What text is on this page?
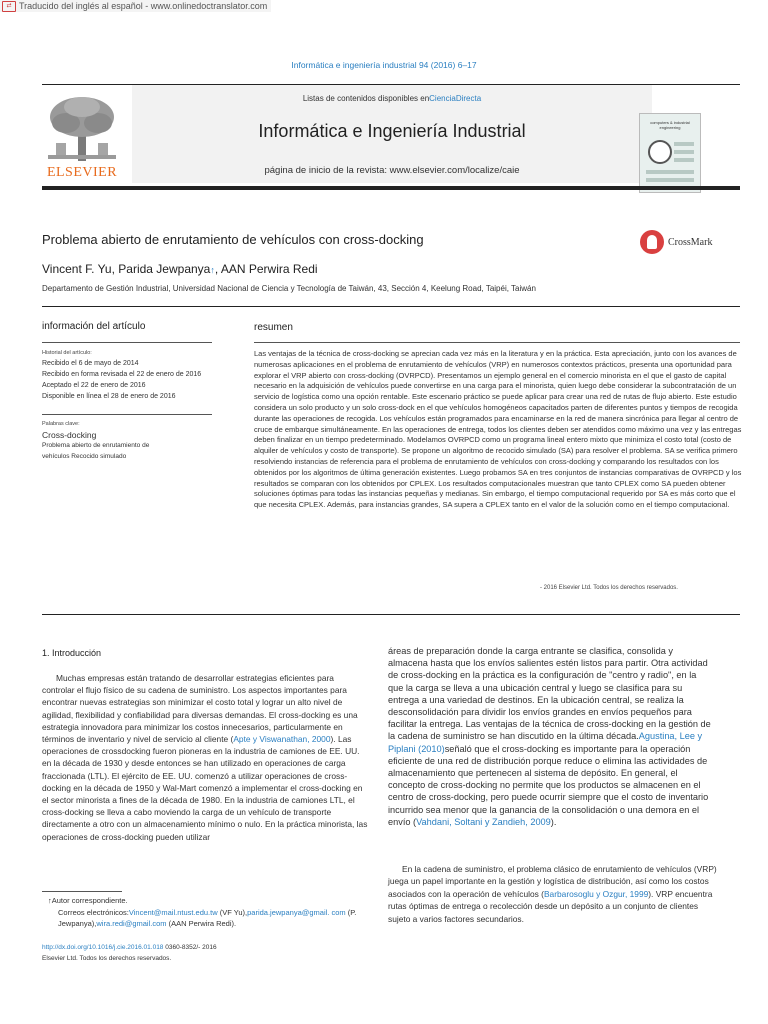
⇄ Traducido del inglés al español - www.onlinedoctranslator.com
Informática e ingeniería industrial 94 (2016) 6–17
ELSEVIER
Listas de contenidos disponibles enCienciaDirecta
Informática e Ingeniería Industrial
página de inicio de la revista: www.elsevier.com/localize/caie
computers & industrial engineering
Problema abierto de enrutamiento de vehículos con cross-docking	CrossMark
Vincent F. Yu, Parida Jewpanya↑, AAN Perwira Redi
Departamento de Gestión Industrial, Universidad Nacional de Ciencia y Tecnología de Taiwán, 43, Sección 4, Keelung Road, Taipéi, Taiwán
información del artículo
Historial del artículo:
Recibido el 6 de mayo de 2014
Recibido en forma revisada el 22 de enero de 2016
Aceptado el 22 de enero de 2016
Disponible en línea el 28 de enero de 2016
Palabras clave:
Cross-docking
Problema abierto de enrutamiento de
vehículos Recocido simulado
resumen
Las ventajas de la técnica de cross-docking se aprecian cada vez más en la literatura y en la práctica. Esta apreciación, junto con los avances de numerosas aplicaciones en el problema de enrutamiento de vehículos (VRP) en numerosos contextos prácticos, presenta una oportunidad para explorar el VRP abierto con cross-docking (OVRPCD). Presentamos un ejemplo general en el comercio minorista en el que el gasto de capital necesario en la adquisición de vehículos puede convertirse en una carga para el minorista, quien luego debe considerar la subcontratación de un servicio de logística como una opción rentable. Este escenario práctico se puede aplicar para crear una red de rutas de flujo abierto. Este estudio considera un solo producto y un solo cross-dock en el que vehículos homogéneos capacitados parten de diferentes puntos y tiempos de recogida durante las operaciones de recogida. Los vehículos están programados para encaminarse en la red de manera sincrónica para llegar al centro de cruce de embarque simultáneamente. En las operaciones de entrega, todos los clientes deben ser atendidos como máximo una vez y las entregas deben finalizar en un tiempo predeterminado. Modelamos OVRPCD como un programa lineal entero mixto que minimiza el costo total (costo de alquiler de vehículos y costo de transporte). Se propone un algoritmo de recocido simulado (SA) para resolver el problema. SA se verifica primero resolviendo instancias de referencia para el problema de enrutamiento de vehículos con cross-docking y comparando los resultados con los obtenidos por los algoritmos de última generación existentes. Luego probamos SA en tres conjuntos de instancias comparativas de OVRPCD y los resultados se comparan con los obtenidos por CPLEX. Los resultados computacionales muestran que tanto CPLEX como SA pueden obtener soluciones óptimas para todas las instancias pequeñas y medianas. Sin embargo, el tiempo computacional requerido por SA es más corto que el que necesita CPLEX. Además, para instancias grandes, SA supera a CPLEX tanto en el valor de la solución como en el tiempo computacional.
- 2016 Elsevier Ltd. Todos los derechos reservados.
1. Introducción
Muchas empresas están tratando de desarrollar estrategias eficientes para controlar el flujo físico de su cadena de suministro. Los aspectos importantes para encontrar nuevas estrategias son minimizar el costo total y lograr un alto nivel de agilidad, flexibilidad y confiabilidad para diversas demandas. El cross-docking es una estrategia innovadora para minimizar los costos innecesarios, particularmente en términos de inventario y nivel de servicio al cliente (Apte y Viswanathan, 2000). Las operaciones de crossdocking fueron pioneras en la industria de camiones de EE. UU. en la década de 1930 y desde entonces se han utilizado en operaciones de carga fraccionada (LTL). El ejército de EE. UU. comenzó a utilizar operaciones de cross-docking en la década de 1950 y Wal-Mart comenzó a implementar el cross-docking en el sector minorista a fines de la década de 1980. En la industria de camiones LTL, el cross-docking se lleva a cabo moviendo la carga de un vehículo de transporte directamente a otro con un almacenamiento mínimo o nulo. En la práctica minorista, las operaciones de cross-docking pueden utilizar
áreas de preparación donde la carga entrante se clasifica, consolida y almacena hasta que los envíos salientes estén listos para partir. Otra actividad de cross-docking en la práctica es la configuración de "centro y radio", en la que la carga se lleva a una ubicación central y luego se clasifica para su entrega a una variedad de destinos. En la ubicación central, se realiza la desconsolidación para dividir los envíos grandes en envíos pequeños para facilitar la entrega. Las ventajas de la técnica de cross-docking en la gestión de la cadena de suministro se han discutido en la última década.Agustina, Lee y Piplani (2010)señaló que el cross-docking es importante para la operación eficiente de una red de distribución porque reduce o elimina las actividades de almacenamiento que pertenecen al sistema de depósito. En general, el concepto de cross-docking no permite que los productos se almacenen en el centro de cross-docking, pero puede ocurrir siempre que el costo de inventario incurrido sea menor que la ganancia de la consolidación o una demora en el envío (Vahdani, Soltani y Zandieh, 2009).
En la cadena de suministro, el problema clásico de enrutamiento de vehículos (VRP) juega un papel importante en la gestión y logística de distribución, así como los costos asociados con la operación de vehículos (Barbarosoglu y Ozgur, 1999). VRP encuentra rutas óptimas de entrega o recolección desde un depósito a un conjunto de clientes sujeto a varios factores secundarios.
↑Autor correspondiente.
Correos electrónicos:Vincent@mail.ntust.edu.tw (VF Yu),parida.jewpanya@gmail. com (P. Jewpanya),wira.redi@gmail.com (AAN Perwira Redi).
http://dx.doi.org/10.1016/j.cie.2016.01.018 0360-8352/- 2016
Elsevier Ltd. Todos los derechos reservados.
